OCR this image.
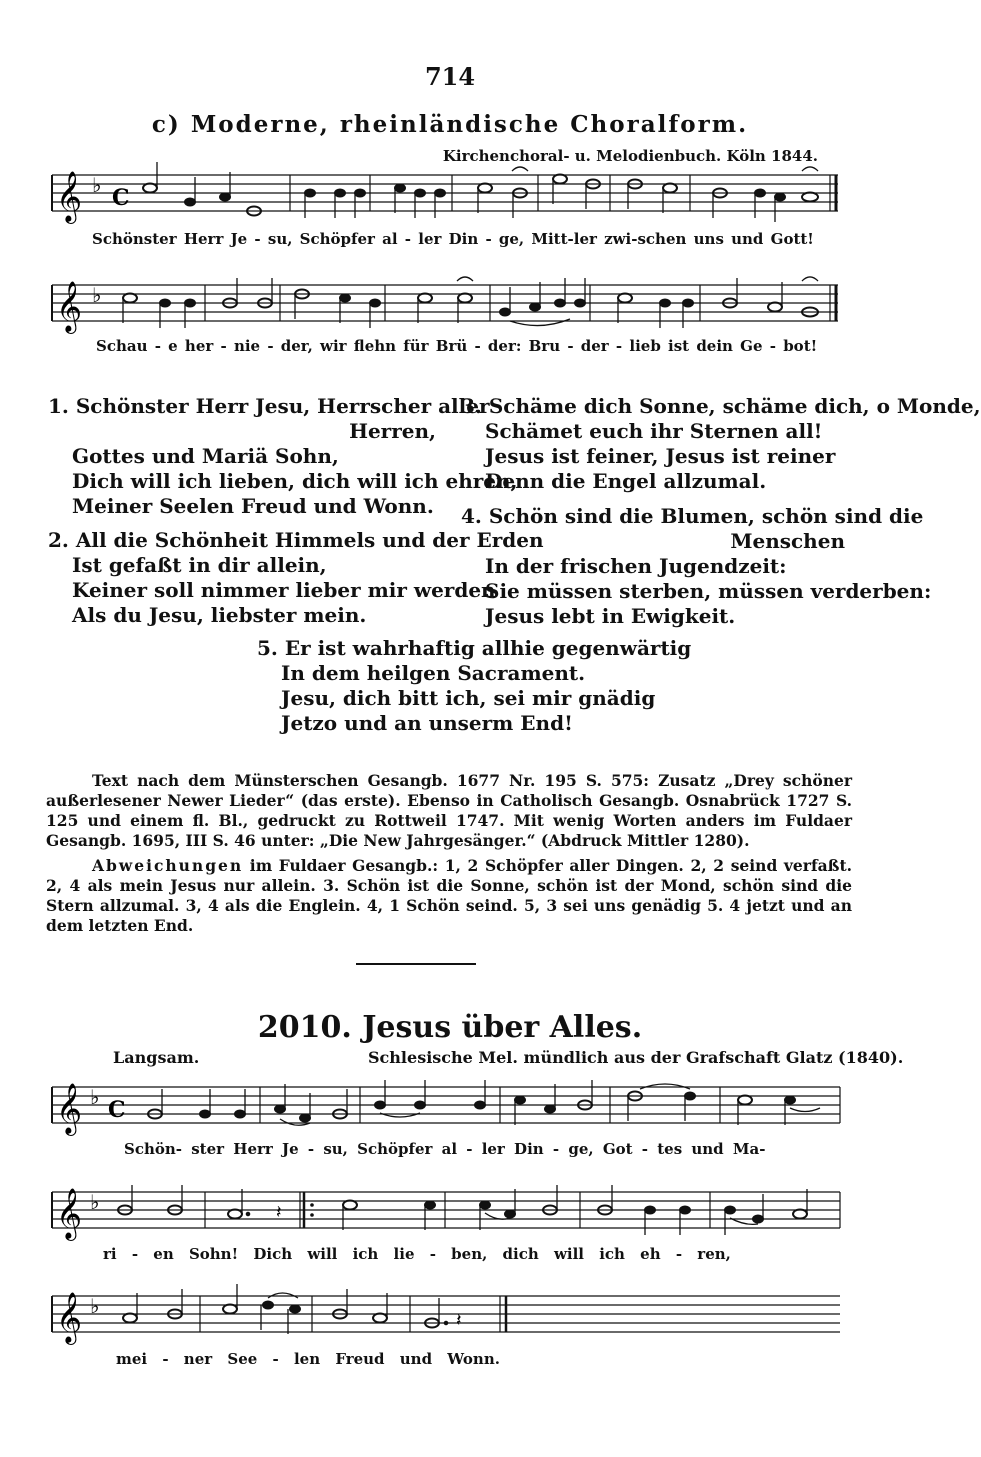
714
c) Moderne, rheinländische Choralform.
Kirchenchoral- u. Melodienbuch. Köln 1844.
𝄞 ♭ C
Schönster Herr Je - su, Schöpfer al - ler Din - ge, Mitt-ler zwi-schen uns und Gott!
𝄞 ♭
Schau - e her - nie - der, wir flehn für Brü - der: Bru - der - lieb ist dein Ge - bot!
1. Schönster Herr Jesu, Herrscher aller
Herren,
Gottes und Mariä Sohn,
Dich will ich lieben, dich will ich ehren,
Meiner Seelen Freud und Wonn.
2. All die Schönheit Himmels und der Erden
Ist gefaßt in dir allein,
Keiner soll nimmer lieber mir werden
Als du Jesu, liebster mein.
3. Schäme dich Sonne, schäme dich, o Monde,
Schämet euch ihr Sternen all!
Jesus ist feiner, Jesus ist reiner
Denn die Engel allzumal.
4. Schön sind die Blumen, schön sind die
Menschen
In der frischen Jugendzeit:
Sie müssen sterben, müssen verderben:
Jesus lebt in Ewigkeit.
5. Er ist wahrhaftig allhie gegenwärtig
In dem heilgen Sacrament.
Jesu, dich bitt ich, sei mir gnädig
Jetzo und an unserm End!
Text nach dem Münsterschen Gesangb. 1677 Nr. 195 S. 575: Zusatz „Drey schöner außerlesener Newer Lieder“ (das erste). Ebenso in Catholisch Gesangb. Osnabrück 1727 S. 125 und einem fl. Bl., gedruckt zu Rottweil 1747. Mit wenig Worten anders im Fuldaer Gesangb. 1695, III S. 46 unter: „Die New Jahrgesänger.“ (Abdruck Mittler 1280).
Abweichungen im Fuldaer Gesangb.: 1, 2 Schöpfer aller Dingen. 2, 2 seind verfaßt. 2, 4 als mein Jesus nur allein. 3. Schön ist die Sonne, schön ist der Mond, schön sind die Stern allzumal. 3, 4 als die Englein. 4, 1 Schön seind. 5, 3 sei uns genädig 5. 4 jetzt und an dem letzten End.
2010. Jesus über Alles.
Langsam.	Schlesische Mel. mündlich aus der Grafschaft Glatz (1840).
𝄞 ♭ C
Schön- ster Herr Je - su, Schöpfer al - ler Din - ge, Got - tes und Ma-
𝄞 ♭	𝄽
ri - en Sohn! Dich will ich lie - ben, dich will ich eh - ren,
𝄞 ♭
𝄽
mei - ner See - len Freud und Wonn.
